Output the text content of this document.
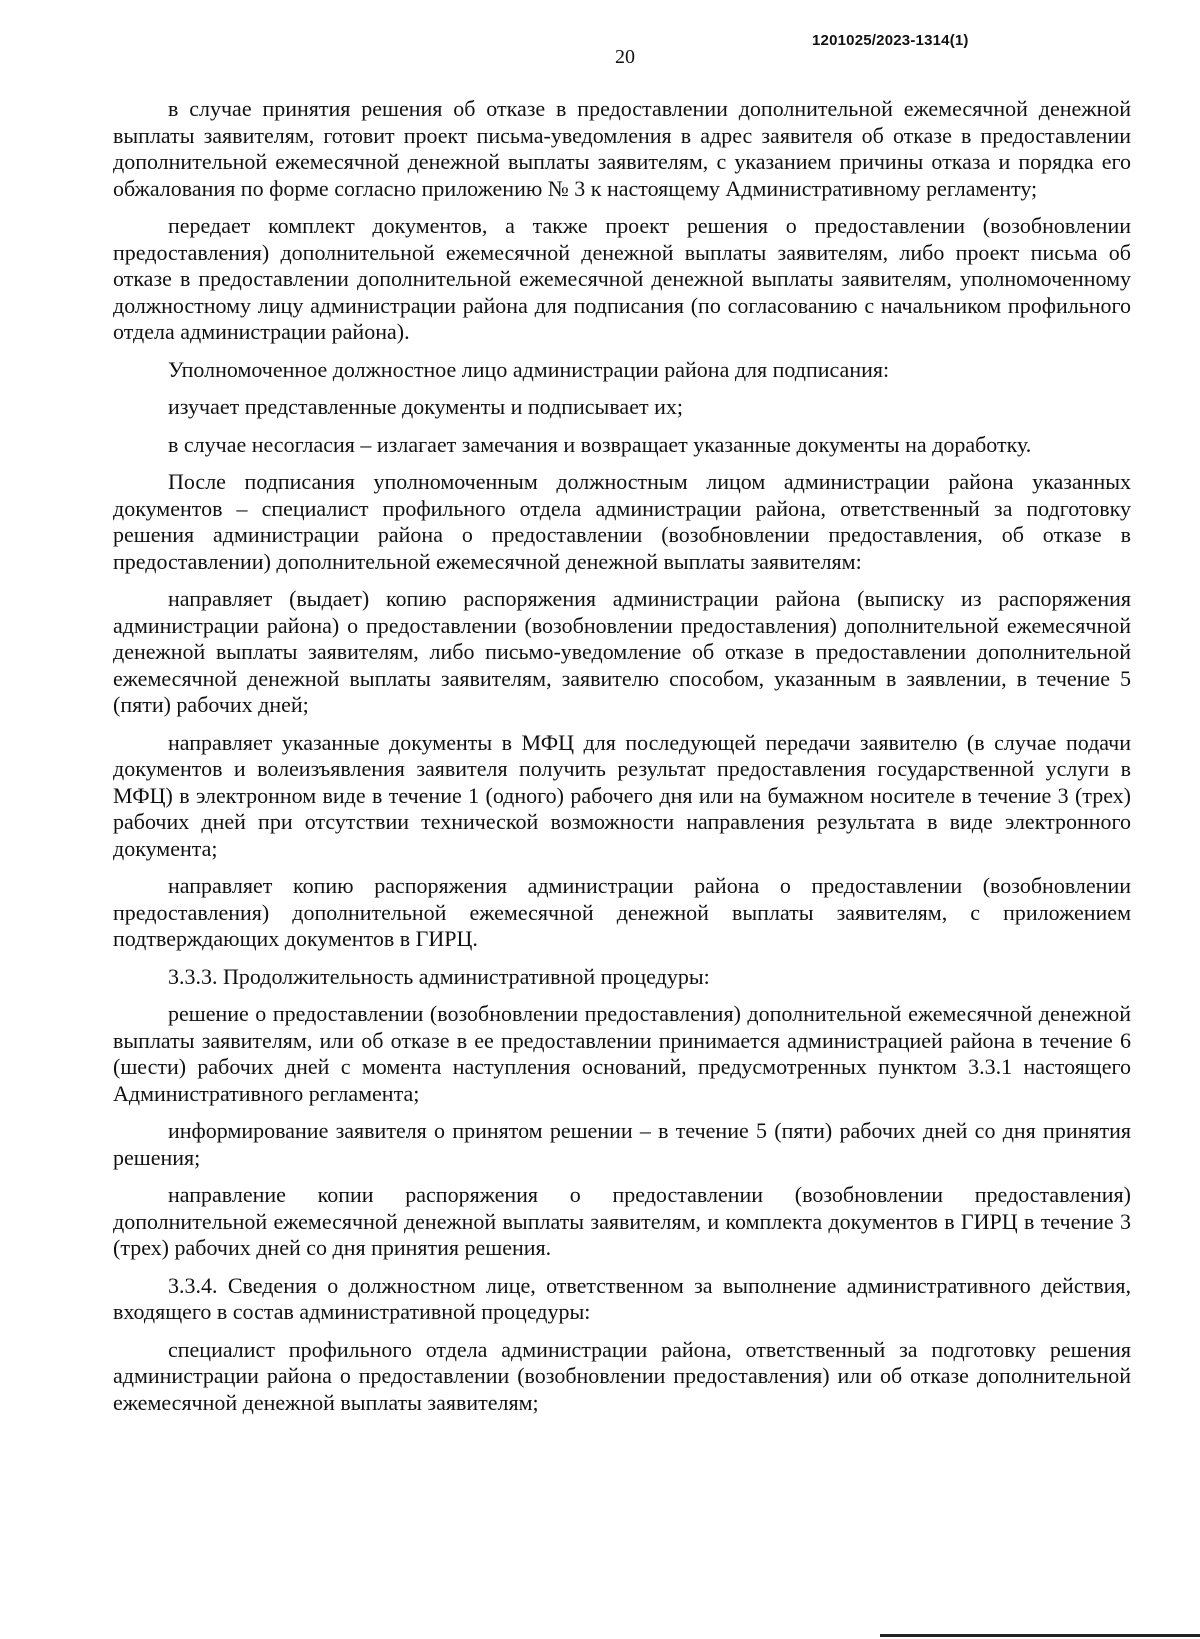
1201025/2023-1314(1)
20

в случае принятия решения об отказе в предоставлении дополнительной ежемесячной денежной выплаты заявителям, готовит проект письма-уведомления в адрес заявителя об отказе в предоставлении дополнительной ежемесячной денежной выплаты заявителям, с указанием причины отказа и порядка его обжалования по форме согласно приложению № 3 к настоящему Административному регламенту;

передает комплект документов, а также проект решения о предоставлении (возобновлении предоставления) дополнительной ежемесячной денежной выплаты заявителям, либо проект письма об отказе в предоставлении дополнительной ежемесячной денежной выплаты заявителям, уполномоченному должностному лицу администрации района для подписания (по согласованию с начальником профильного отдела администрации района).

Уполномоченное должностное лицо администрации района для подписания:

изучает представленные документы и подписывает их;

в случае несогласия – излагает замечания и возвращает указанные документы на доработку.

После подписания уполномоченным должностным лицом администрации района указанных документов – специалист профильного отдела администрации района, ответственный за подготовку решения администрации района о предоставлении (возобновлении предоставления, об отказе в предоставлении) дополнительной ежемесячной денежной выплаты заявителям:

направляет (выдает) копию распоряжения администрации района (выписку из распоряжения администрации района) о предоставлении (возобновлении предоставления) дополнительной ежемесячной денежной выплаты заявителям, либо письмо-уведомление об отказе в предоставлении дополнительной ежемесячной денежной выплаты заявителям, заявителю способом, указанным в заявлении, в течение 5 (пяти) рабочих дней;

направляет указанные документы в МФЦ для последующей передачи заявителю (в случае подачи документов и волеизъявления заявителя получить результат предоставления государственной услуги в МФЦ) в электронном виде в течение 1 (одного) рабочего дня или на бумажном носителе в течение 3 (трех) рабочих дней при отсутствии технической возможности направления результата в виде электронного документа;

направляет копию распоряжения администрации района о предоставлении (возобновлении предоставления) дополнительной ежемесячной денежной выплаты заявителям, с приложением подтверждающих документов в ГИРЦ.

3.3.3. Продолжительность административной процедуры:

решение о предоставлении (возобновлении предоставления) дополнительной ежемесячной денежной выплаты заявителям, или об отказе в ее предоставлении принимается администрацией района в течение 6 (шести) рабочих дней с момента наступления оснований, предусмотренных пунктом 3.3.1 настоящего Административного регламента;

информирование заявителя о принятом решении – в течение 5 (пяти) рабочих дней со дня принятия решения;

направление копии распоряжения о предоставлении (возобновлении предоставления) дополнительной ежемесячной денежной выплаты заявителям, и комплекта документов в ГИРЦ в течение 3 (трех) рабочих дней со дня принятия решения.

3.3.4. Сведения о должностном лице, ответственном за выполнение административного действия, входящего в состав административной процедуры:

специалист профильного отдела администрации района, ответственный за подготовку решения администрации района о предоставлении (возобновлении предоставления) или об отказе дополнительной ежемесячной денежной выплаты заявителям;
